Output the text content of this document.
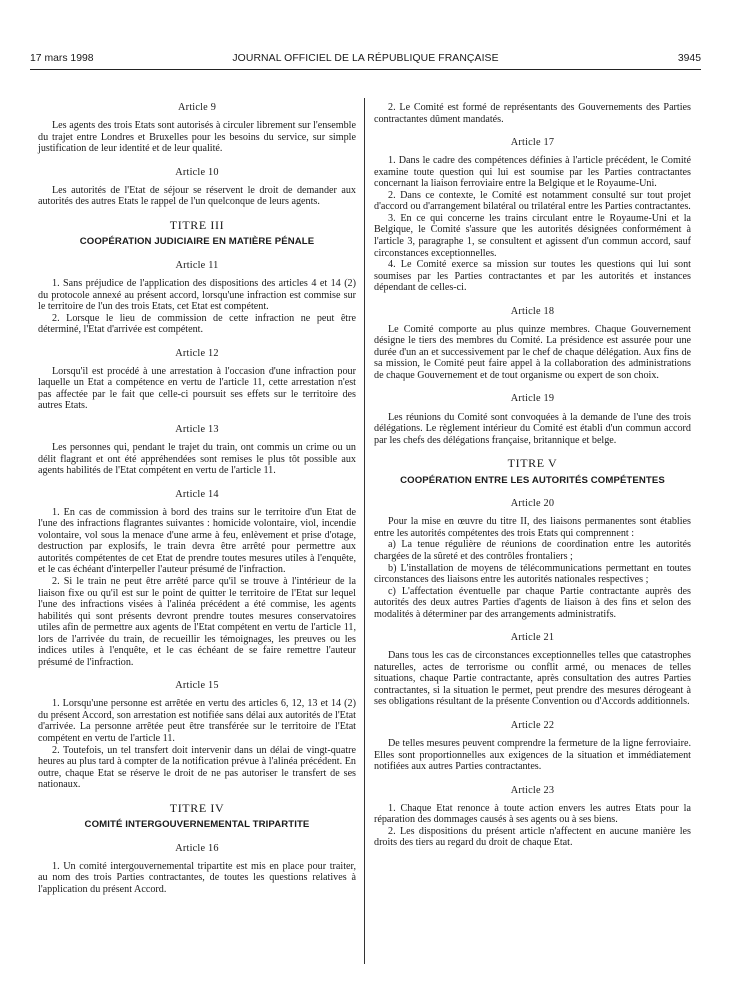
17 mars 1998	JOURNAL OFFICIEL DE LA RÉPUBLIQUE FRANÇAISE	3945
Article 9

Les agents des trois Etats sont autorisés à circuler librement sur l'ensemble du trajet entre Londres et Bruxelles pour les besoins du service, sur simple justification de leur identité et de leur qualité.

Article 10

Les autorités de l'Etat de séjour se réservent le droit de demander aux autorités des autres Etats le rappel de l'un quelconque de leurs agents.

TITRE III
COOPÉRATION JUDICIAIRE EN MATIÈRE PÉNALE
Article 11

1. Sans préjudice de l'application des dispositions des articles 4 et 14 (2) du protocole annexé au présent accord, lorsqu'une infraction est commise sur le territoire de l'un des trois Etats, cet Etat est compétent.

2. Lorsque le lieu de commission de cette infraction ne peut être déterminé, l'Etat d'arrivée est compétent.

Article 12

Lorsqu'il est procédé à une arrestation à l'occasion d'une infraction pour laquelle un Etat a compétence en vertu de l'article 11, cette arrestation n'est pas affectée par le fait que celle-ci poursuit ses effets sur le territoire des autres Etats.

Article 13

Les personnes qui, pendant le trajet du train, ont commis un crime ou un délit flagrant et ont été appréhendées sont remises le plus tôt possible aux agents habilités de l'Etat compétent en vertu de l'article 11.

Article 14

1. En cas de commission à bord des trains sur le territoire d'un Etat de l'une des infractions flagrantes suivantes : homicide volontaire, viol, incendie volontaire, vol sous la menace d'une arme à feu, enlèvement et prise d'otage, destruction par explosifs, le train devra être arrêté pour permettre aux autorités compétentes de cet Etat de prendre toutes mesures utiles à l'enquête, et le cas échéant d'interpeller l'auteur présumé de l'infraction.

2. Si le train ne peut être arrêté parce qu'il se trouve à l'intérieur de la liaison fixe ou qu'il est sur le point de quitter le territoire de l'Etat sur lequel l'une des infractions visées à l'alinéa précédent a été commise, les agents habilités qui sont présents devront prendre toutes mesures conservatoires utiles afin de permettre aux agents de l'Etat compétent en vertu de l'article 11, lors de l'arrivée du train, de recueillir les témoignages, les preuves ou les indices utiles à l'enquête, et le cas échéant de se faire remettre l'auteur présumé de l'infraction.

Article 15

1. Lorsqu'une personne est arrêtée en vertu des articles 6, 12, 13 et 14 (2) du présent Accord, son arrestation est notifiée sans délai aux autorités de l'Etat d'arrivée. La personne arrêtée peut être transférée sur le territoire de l'Etat compétent en vertu de l'article 11.

2. Toutefois, un tel transfert doit intervenir dans un délai de vingt-quatre heures au plus tard à compter de la notification prévue à l'alinéa précédent. En outre, chaque Etat se réserve le droit de ne pas autoriser le transfert de ses nationaux.

TITRE IV
COMITÉ INTERGOUVERNEMENTAL TRIPARTITE
Article 16

1. Un comité intergouvernemental tripartite est mis en place pour traiter, au nom des trois Parties contractantes, de toutes les questions relatives à l'application du présent Accord.

2. Le Comité est formé de représentants des Gouvernements des Parties contractantes dûment mandatés.

Article 17

1. Dans le cadre des compétences définies à l'article précédent, le Comité examine toute question qui lui est soumise par les Parties contractantes concernant la liaison ferroviaire entre la Belgique et le Royaume-Uni.

2. Dans ce contexte, le Comité est notamment consulté sur tout projet d'accord ou d'arrangement bilatéral ou trilatéral entre les Parties contractantes.

3. En ce qui concerne les trains circulant entre le Royaume-Uni et la Belgique, le Comité s'assure que les autorités désignées conformément à l'article 3, paragraphe 1, se consultent et agissent d'un commun accord, sauf circonstances exceptionnelles.

4. Le Comité exerce sa mission sur toutes les questions qui lui sont soumises par les Parties contractantes et par les autorités et instances dépendant de celles-ci.

Article 18

Le Comité comporte au plus quinze membres. Chaque Gouvernement désigne le tiers des membres du Comité. La présidence est assurée pour une durée d'un an et successivement par le chef de chaque délégation. Aux fins de sa mission, le Comité peut faire appel à la collaboration des administrations de chaque Gouvernement et de tout organisme ou expert de son choix.

Article 19

Les réunions du Comité sont convoquées à la demande de l'une des trois délégations. Le règlement intérieur du Comité est établi d'un commun accord par les chefs des délégations française, britannique et belge.

TITRE V
COOPÉRATION ENTRE LES AUTORITÉS COMPÉTENTES
Article 20

Pour la mise en œuvre du titre II, des liaisons permanentes sont établies entre les autorités compétentes des trois Etats qui comprennent :

a) La tenue régulière de réunions de coordination entre les autorités chargées de la sûreté et des contrôles frontaliers ;

b) L'installation de moyens de télécommunications permettant en toutes circonstances des liaisons entre les autorités nationales respectives ;

c) L'affectation éventuelle par chaque Partie contractante auprès des autorités des deux autres Parties d'agents de liaison à des fins et selon des modalités à déterminer par des arrangements administratifs.

Article 21

Dans tous les cas de circonstances exceptionnelles telles que catastrophes naturelles, actes de terrorisme ou conflit armé, ou menaces de telles situations, chaque Partie contractante, après consultation des autres Parties contractantes, si la situation le permet, peut prendre des mesures dérogeant à ses obligations résultant de la présente Convention ou d'Accords additionnels.

Article 22

De telles mesures peuvent comprendre la fermeture de la ligne ferroviaire. Elles sont proportionnelles aux exigences de la situation et immédiatement notifiées aux autres Parties contractantes.

Article 23

1. Chaque Etat renonce à toute action envers les autres Etats pour la réparation des dommages causés à ses agents ou à ses biens.

2. Les dispositions du présent article n'affectent en aucune manière les droits des tiers au regard du droit de chaque Etat.
